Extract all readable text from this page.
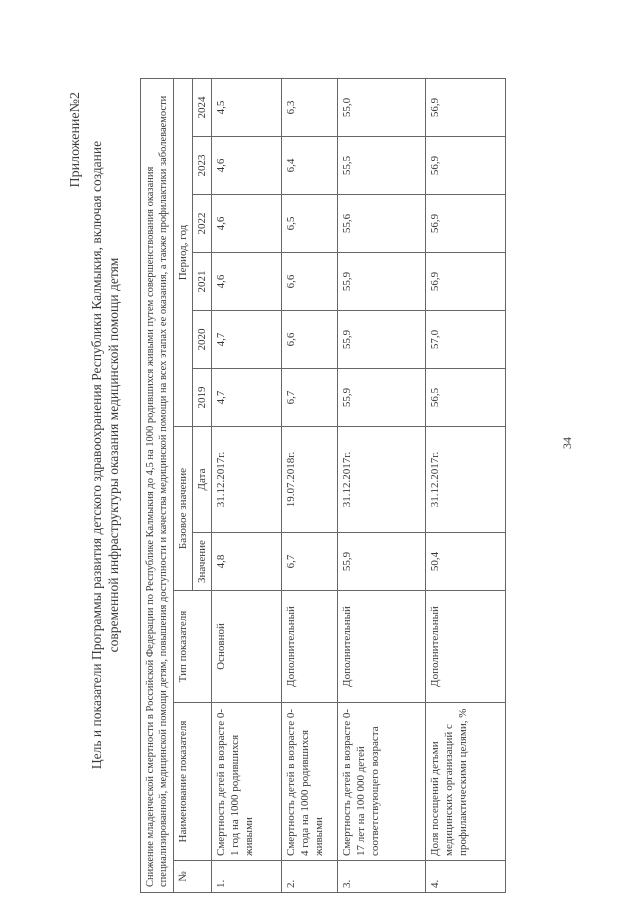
Приложение№2
Цель и показатели Программы развития детского здравоохранения Республики Калмыкия, включая создание современной инфраструктуры оказания медицинской помощи детям Снижение младенческой смертности в Российской Федерации по Республике Калмыкия до 4,5 на 1000 родившихся живыми путем совершенствования оказания специализированной, медицинской помощи детям, повышения доступности и качества медицинской помощи на всех этапах ее оказания, а также профилактики заболеваемости										
№	Наименование показателя	Тип показателя	Базовое значение		Период, год					
			Значение	Дата	2019	2020	2021	2022	2023	2024
1.	Смертность детей в возрасте 0-1 год на 1000 родившихся живыми	Основной	4,8	31.12.2017г.	4,7	4,7	4,6	4,6	4,6	4,5
2.	Смертность детей в возрасте 0-4 года на 1000 родившихся живыми	Дополнительный	6,7	19.07.2018г.	6,7	6,6	6,6	6,5	6,4	6,3
3.	Смертность детей в возрасте 0-17 лет на 100 000 детей соответствующего возраста	Дополнительный	55,9	31.12.2017г.	55,9	55,9	55,9	55,6	55,5	55,0
4.	Доля посещений детьми медицинских организаций с профилактическими целями, %	Дополнительный	50,4	31.12.2017г.	56,5	57,0	56,9	56,9	56,9	56,9
34
